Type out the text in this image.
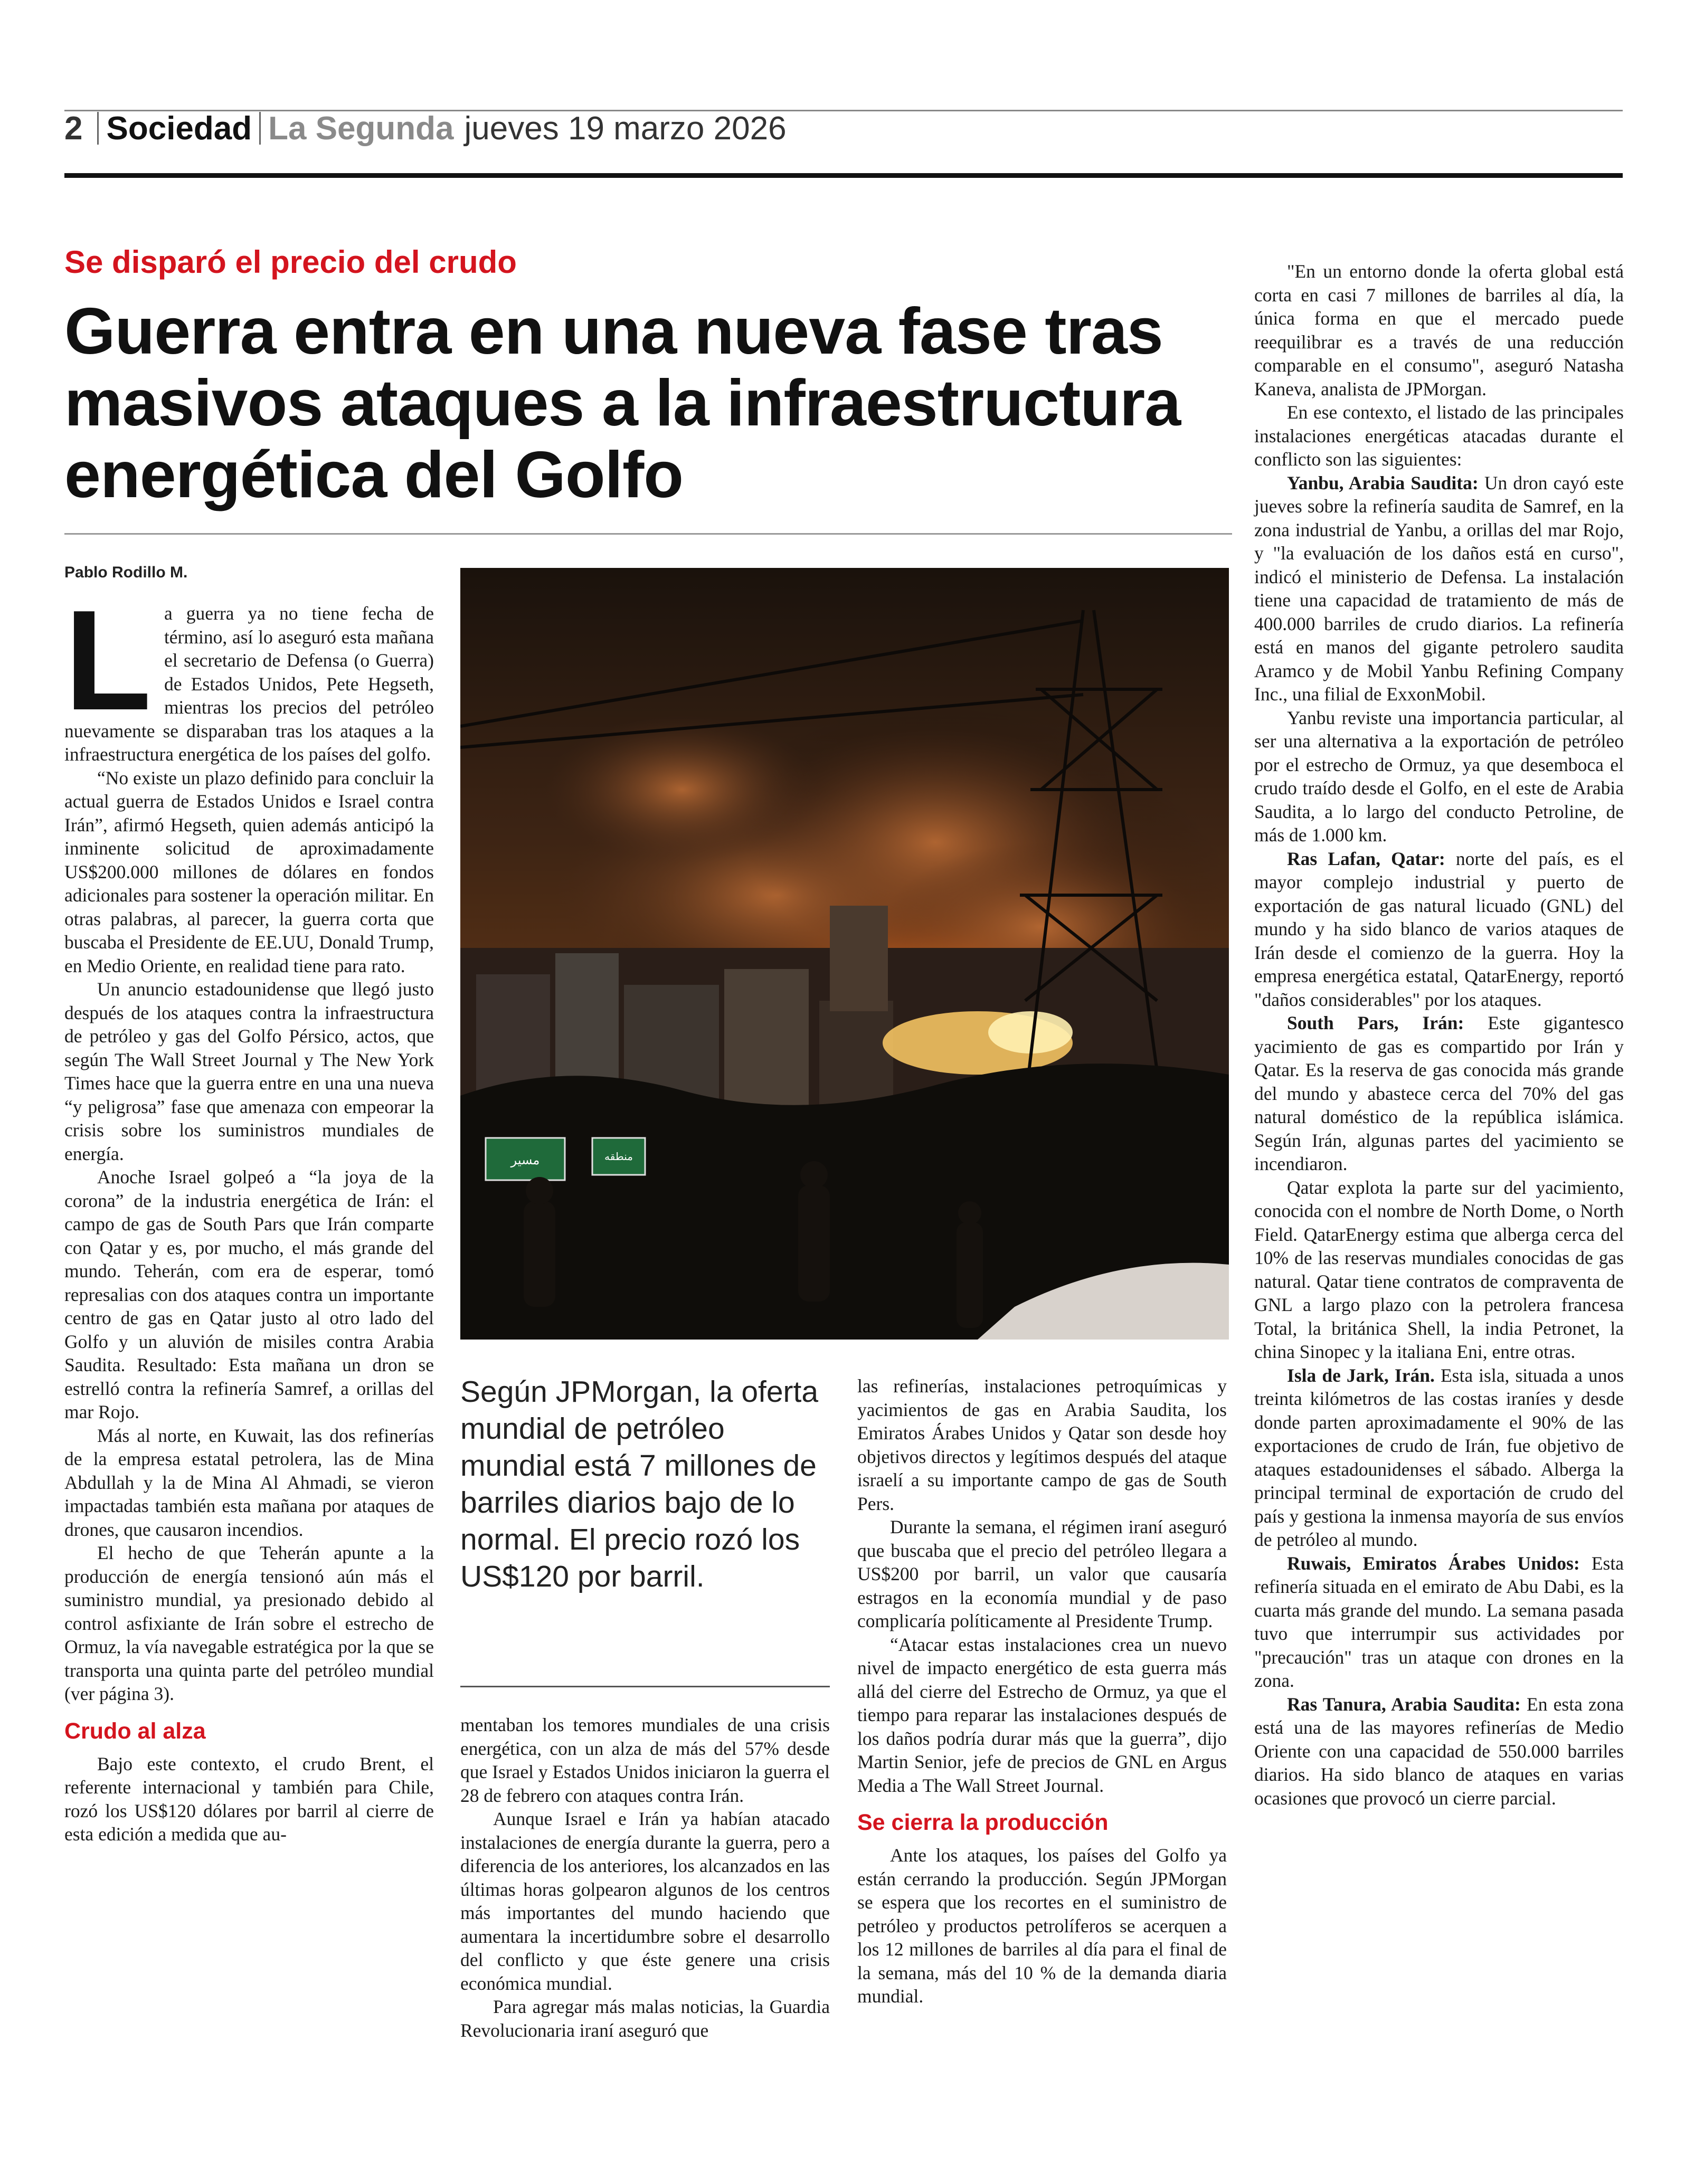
2 Sociedad La Segunda jueves 19 marzo 2026
Se disparó el precio del crudo
Guerra entra en una nueva fase tras masivos ataques a la infraestructura energética del Golfo
Pablo Rodillo M.

La guerra ya no tiene fecha de término, así lo aseguró esta mañana el secretario de Defensa (o Guerra) de Estados Unidos, Pete Hegseth, mientras los precios del petróleo nuevamente se disparaban tras los ataques a la infraestructura energética de los países del golfo.

“No existe un plazo definido para concluir la actual guerra de Estados Unidos e Israel contra Irán”, afirmó Hegseth, quien además anticipó la inminente solicitud de aproximadamente US$200.000 millones de dólares en fondos adicionales para sostener la operación militar. En otras palabras, al parecer, la guerra corta que buscaba el Presidente de EE.UU, Donald Trump, en Medio Oriente, en realidad tiene para rato.

Un anuncio estadounidense que llegó justo después de los ataques contra la infraestructura de petróleo y gas del Golfo Pérsico, actos, que según The Wall Street Journal y The New York Times hace que la guerra entre en una una nueva “y peligrosa” fase que amenaza con empeorar la crisis sobre los suministros mundiales de energía.

Anoche Israel golpeó a “la joya de la corona” de la industria energética de Irán: el campo de gas de South Pars que Irán comparte con Qatar y es, por mucho, el más grande del mundo. Teherán, com era de esperar, tomó represalias con dos ataques contra un importante centro de gas en Qatar justo al otro lado del Golfo y un aluvión de misiles contra Arabia Saudita. Resultado: Esta mañana un dron se estrelló contra la refinería Samref, a orillas del mar Rojo.

Más al norte, en Kuwait, las dos refinerías de la empresa estatal petrolera, las de Mina Abdullah y la de Mina Al Ahmadi, se vieron impactadas también esta mañana por ataques de drones, que causaron incendios.

El hecho de que Teherán apunte a la producción de energía tensionó aún más el suministro mundial, ya presionado debido al control asfixiante de Irán sobre el estrecho de Ormuz, la vía navegable estratégica por la que se transporta una quinta parte del petróleo mundial (ver página 3).

Crudo al alza

Bajo este contexto, el crudo Brent, el referente internacional y también para Chile, rozó los US$120 dólares por barril al cierre de esta edición a medida que au-

مسیر	منطقه
Según JPMorgan, la oferta mundial de petróleo mundial está 7 millones de barriles diarios bajo de lo normal. El precio rozó los US$120 por barril.

mentaban los temores mundiales de una crisis energética, con un alza de más del 57% desde que Israel y Estados Unidos iniciaron la guerra el 28 de febrero con ataques contra Irán.

Aunque Israel e Irán ya habían atacado instalaciones de energía durante la guerra, pero a diferencia de los anteriores, los alcanzados en las últimas horas golpearon algunos de los centros más importantes del mundo haciendo que aumentara la incertidumbre sobre el desarrollo del conflicto y que éste genere una crisis económica mundial.

Para agregar más malas noticias, la Guardia Revolucionaria iraní aseguró que

las refinerías, instalaciones petroquímicas y yacimientos de gas en Arabia Saudita, los Emiratos Árabes Unidos y Qatar son desde hoy objetivos directos y legítimos después del ataque israelí a su importante campo de gas de South Pers.

Durante la semana, el régimen iraní aseguró que buscaba que el precio del petróleo llegara a US$200 por barril, un valor que causaría estragos en la economía mundial y de paso complicaría políticamente al Presidente Trump.

“Atacar estas instalaciones crea un nuevo nivel de impacto energético de esta guerra más allá del cierre del Estrecho de Ormuz, ya que el tiempo para reparar las instalaciones después de los daños podría durar más que la guerra”, dijo Martin Senior, jefe de precios de GNL en Argus Media a The Wall Street Journal.

Se cierra la producción

Ante los ataques, los países del Golfo ya están cerrando la producción. Según JPMorgan se espera que los recortes en el suministro de petróleo y productos petrolíferos se acerquen a los 12 millones de barriles al día para el final de la semana, más del 10 % de la demanda diaria mundial.

"En un entorno donde la oferta global está corta en casi 7 millones de barriles al día, la única forma en que el mercado puede reequilibrar es a través de una reducción comparable en el consumo", aseguró Natasha Kaneva, analista de JPMorgan.

En ese contexto, el listado de las principales instalaciones energéticas atacadas durante el conflicto son las siguientes:

Yanbu, Arabia Saudita: Un dron cayó este jueves sobre la refinería saudita de Samref, en la zona industrial de Yanbu, a orillas del mar Rojo, y "la evaluación de los daños está en curso", indicó el ministerio de Defensa. La instalación tiene una capacidad de tratamiento de más de 400.000 barriles de crudo diarios. La refinería está en manos del gigante petrolero saudita Aramco y de Mobil Yanbu Refining Company Inc., una filial de ExxonMobil.

Yanbu reviste una importancia particular, al ser una alternativa a la exportación de petróleo por el estrecho de Ormuz, ya que desemboca el crudo traído desde el Golfo, en el este de Arabia Saudita, a lo largo del conducto Petroline, de más de 1.000 km.

Ras Lafan, Qatar: norte del país, es el mayor complejo industrial y puerto de exportación de gas natural licuado (GNL) del mundo y ha sido blanco de varios ataques de Irán desde el comienzo de la guerra. Hoy la empresa energética estatal, QatarEnergy, reportó "daños considerables" por los ataques.

South Pars, Irán: Este gigantesco yacimiento de gas es compartido por Irán y Qatar. Es la reserva de gas conocida más grande del mundo y abastece cerca del 70% del gas natural doméstico de la república islámica. Según Irán, algunas partes del yacimiento se incendiaron.

Qatar explota la parte sur del yacimiento, conocida con el nombre de North Dome, o North Field. QatarEnergy estima que alberga cerca del 10% de las reservas mundiales conocidas de gas natural. Qatar tiene contratos de compraventa de GNL a largo plazo con la petrolera francesa Total, la británica Shell, la india Petronet, la china Sinopec y la italiana Eni, entre otras.

Isla de Jark, Irán. Esta isla, situada a unos treinta kilómetros de las costas iraníes y desde donde parten aproximadamente el 90% de las exportaciones de crudo de Irán, fue objetivo de ataques estadounidenses el sábado. Alberga la principal terminal de exportación de crudo del país y gestiona la inmensa mayoría de sus envíos de petróleo al mundo.

Ruwais, Emiratos Árabes Unidos: Esta refinería situada en el emirato de Abu Dabi, es la cuarta más grande del mundo. La semana pasada tuvo que interrumpir sus actividades por "precaución" tras un ataque con drones en la zona.

Ras Tanura, Arabia Saudita: En esta zona está una de las mayores refinerías de Medio Oriente con una capacidad de 550.000 barriles diarios. Ha sido blanco de ataques en varias ocasiones que provocó un cierre parcial.
